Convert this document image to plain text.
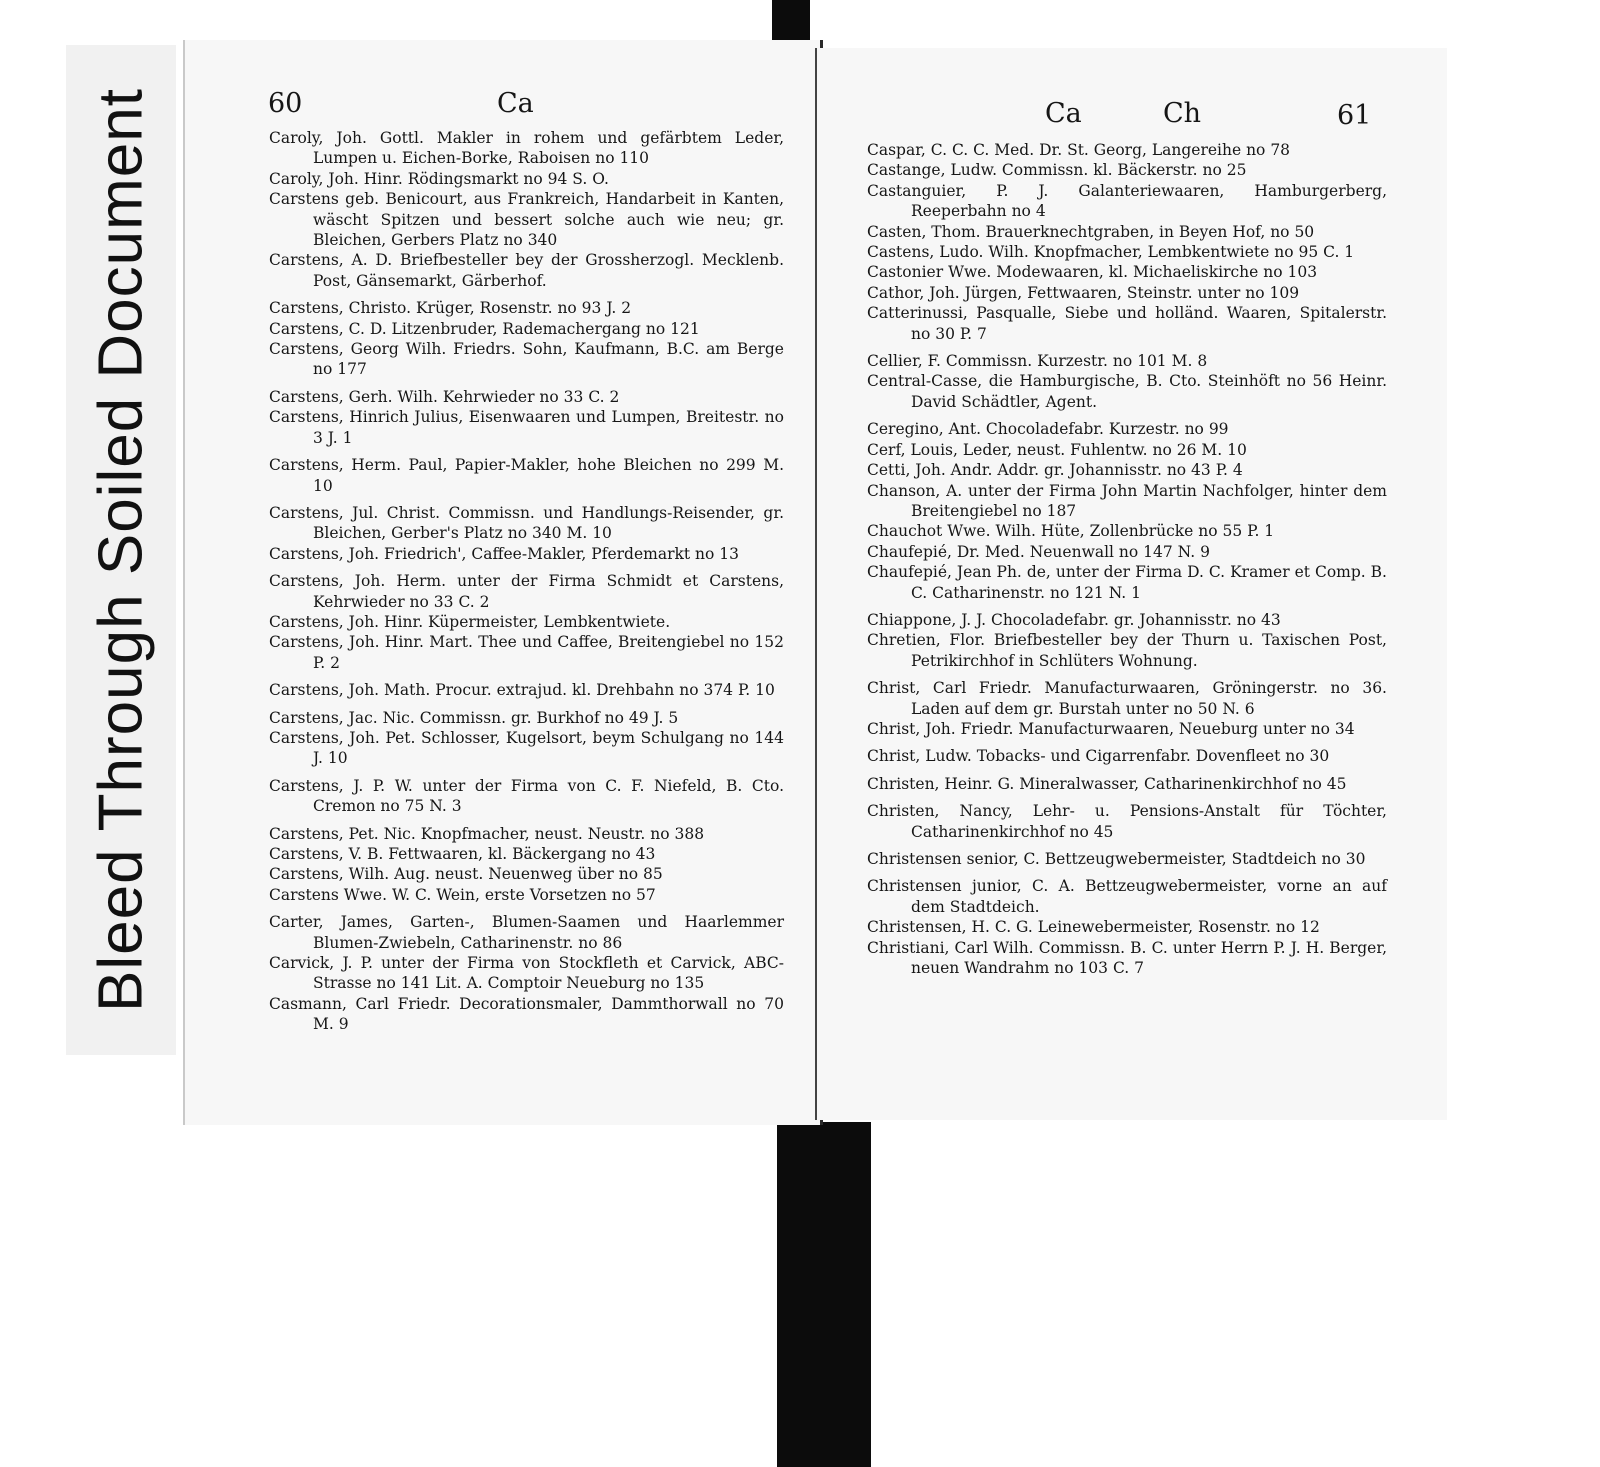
Bleed Through Soiled Document	60	Ca
Caroly, Joh. Gottl. Makler in rohem und gefärbtem Leder, Lumpen u. Eichen-Borke, Raboisen no 110
Caroly, Joh. Hinr. Rödingsmarkt no 94 S. O.
Carstens geb. Benicourt, aus Frankreich, Handarbeit in Kanten, wäscht Spitzen und bessert solche auch wie neu; gr. Bleichen, Gerbers Platz no 340
Carstens, A. D. Briefbesteller bey der Grossherzogl. Mecklenb. Post, Gänsemarkt, Gärberhof.
Carstens, Christo. Krüger, Rosenstr. no 93 J. 2
Carstens, C. D. Litzenbruder, Rademachergang no 121
Carstens, Georg Wilh. Friedrs. Sohn, Kaufmann, B.C. am Berge no 177
Carstens, Gerh. Wilh. Kehrwieder no 33 C. 2
Carstens, Hinrich Julius, Eisenwaaren und Lumpen, Breitestr. no 3 J. 1
Carstens, Herm. Paul, Papier-Makler, hohe Bleichen no 299 M. 10
Carstens, Jul. Christ. Commissn. und Handlungs-Reisender, gr. Bleichen, Gerber's Platz no 340 M. 10
Carstens, Joh. Friedrich', Caffee-Makler, Pferdemarkt no 13
Carstens, Joh. Herm. unter der Firma Schmidt et Carstens, Kehrwieder no 33 C. 2
Carstens, Joh. Hinr. Küpermeister, Lembkentwiete.
Carstens, Joh. Hinr. Mart. Thee und Caffee, Breitengiebel no 152 P. 2
Carstens, Joh. Math. Procur. extrajud. kl. Drehbahn no 374 P. 10
Carstens, Jac. Nic. Commissn. gr. Burkhof no 49 J. 5
Carstens, Joh. Pet. Schlosser, Kugelsort, beym Schulgang no 144 J. 10
Carstens, J. P. W. unter der Firma von C. F. Niefeld, B. Cto. Cremon no 75 N. 3
Carstens, Pet. Nic. Knopfmacher, neust. Neustr. no 388
Carstens, V. B. Fettwaaren, kl. Bäckergang no 43
Carstens, Wilh. Aug. neust. Neuenweg über no 85
Carstens Wwe. W. C. Wein, erste Vorsetzen no 57
Carter, James, Garten-, Blumen-Saamen und Haarlemmer Blumen-Zwiebeln, Catharinenstr. no 86
Carvick, J. P. unter der Firma von Stockfleth et Carvick, ABC-Strasse no 141 Lit. A. Comptoir Neueburg no 135
Casmann, Carl Friedr. Decorationsmaler, Dammthorwall no 70 M. 9
Ca	Ch	61
Caspar, C. C. C. Med. Dr. St. Georg, Langereihe no 78
Castange, Ludw. Commissn. kl. Bäckerstr. no 25
Castanguier, P. J. Galanteriewaaren, Hamburgerberg, Reeperbahn no 4
Casten, Thom. Brauerknechtgraben, in Beyen Hof, no 50
Castens, Ludo. Wilh. Knopfmacher, Lembkentwiete no 95 C. 1
Castonier Wwe. Modewaaren, kl. Michaeliskirche no 103
Cathor, Joh. Jürgen, Fettwaaren, Steinstr. unter no 109
Catterinussi, Pasqualle, Siebe und holländ. Waaren, Spitalerstr. no 30 P. 7
Cellier, F. Commissn. Kurzestr. no 101 M. 8
Central-Casse, die Hamburgische, B. Cto. Steinhöft no 56 Heinr. David Schädtler, Agent.
Ceregino, Ant. Chocoladefabr. Kurzestr. no 99
Cerf, Louis, Leder, neust. Fuhlentw. no 26 M. 10
Cetti, Joh. Andr. Addr. gr. Johannisstr. no 43 P. 4
Chanson, A. unter der Firma John Martin Nachfolger, hinter dem Breitengiebel no 187
Chauchot Wwe. Wilh. Hüte, Zollenbrücke no 55 P. 1
Chaufepié, Dr. Med. Neuenwall no 147 N. 9
Chaufepié, Jean Ph. de, unter der Firma D. C. Kramer et Comp. B. C. Catharinenstr. no 121 N. 1
Chiappone, J. J. Chocoladefabr. gr. Johannisstr. no 43
Chretien, Flor. Briefbesteller bey der Thurn u. Taxischen Post, Petrikirchhof in Schlüters Wohnung.
Christ, Carl Friedr. Manufacturwaaren, Gröningerstr. no 36. Laden auf dem gr. Burstah unter no 50 N. 6
Christ, Joh. Friedr. Manufacturwaaren, Neueburg unter no 34
Christ, Ludw. Tobacks- und Cigarrenfabr. Dovenfleet no 30
Christen, Heinr. G. Mineralwasser, Catharinenkirchhof no 45
Christen, Nancy, Lehr- u. Pensions-Anstalt für Töchter, Catharinenkirchhof no 45
Christensen senior, C. Bettzeugwebermeister, Stadtdeich no 30
Christensen junior, C. A. Bettzeugwebermeister, vorne an auf dem Stadtdeich.
Christensen, H. C. G. Leinewebermeister, Rosenstr. no 12
Christiani, Carl Wilh. Commissn. B. C. unter Herrn P. J. H. Berger, neuen Wandrahm no 103 C. 7
